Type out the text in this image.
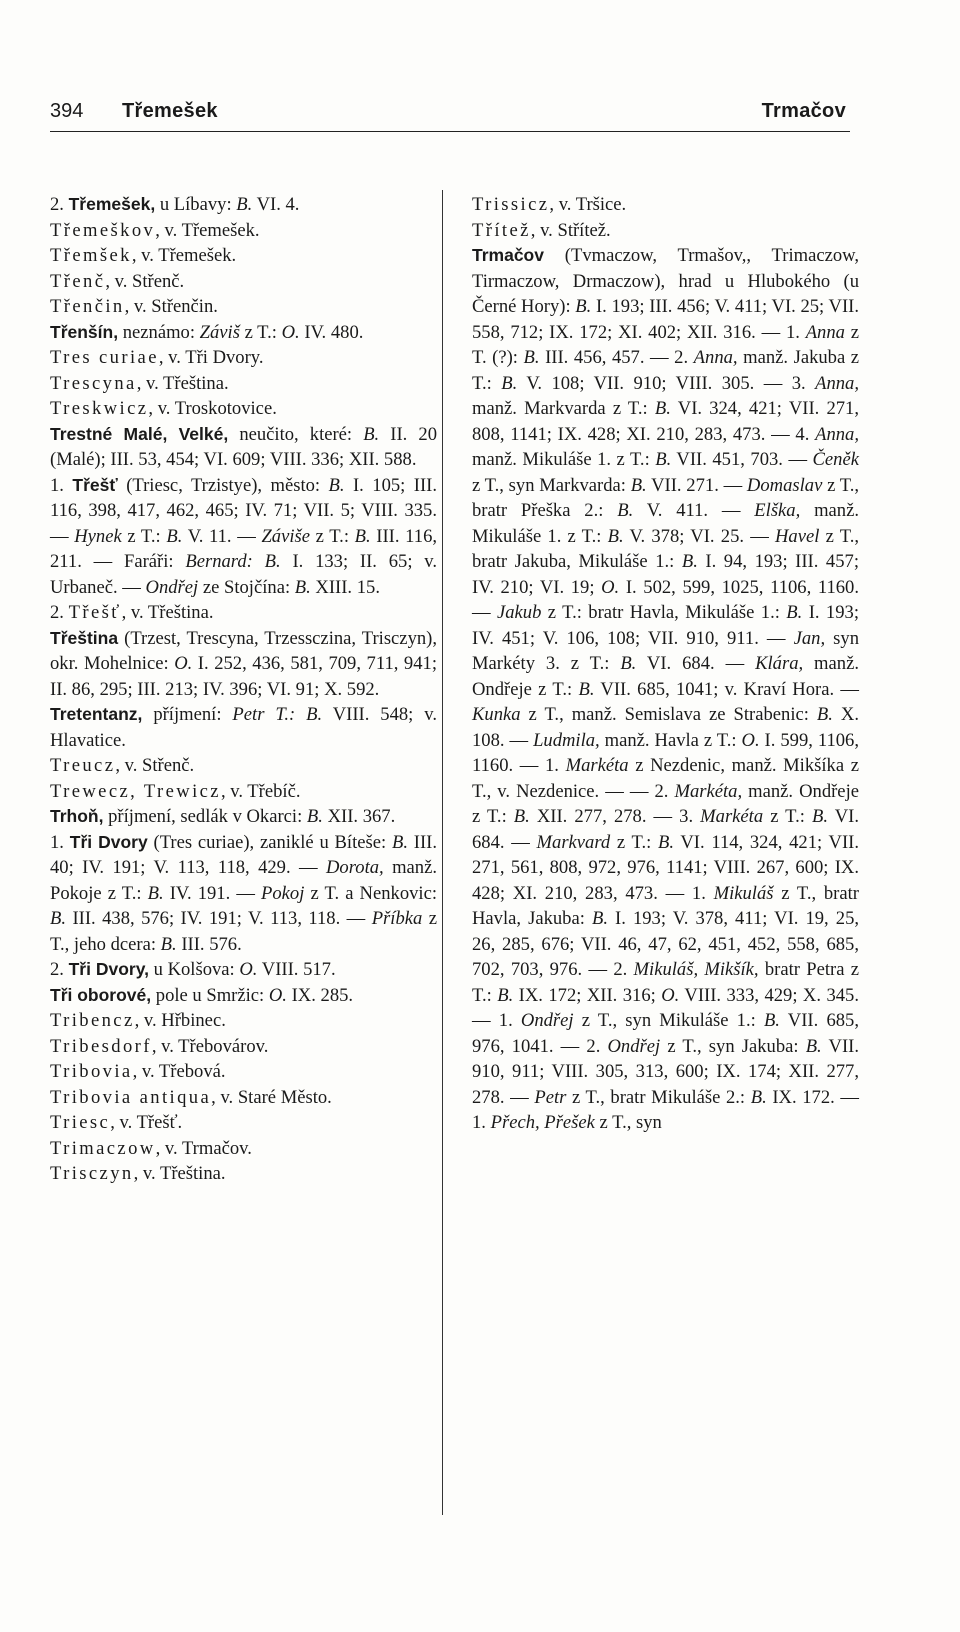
394 Třemešek	Trmačov

2. Třemešek, u Líbavy: B. VI. 4.

Třemeškov, v. Třemešek.

Třemšek, v. Třemešek.

Třenč, v. Střenč.

Třenčin, v. Střenčin.

Třenšín, neznámo: Záviš z T.: O. IV. 480.

Tres curiae, v. Tři Dvory.

Trescyna, v. Třeština.

Treskwicz, v. Troskotovice.

Trestné Malé, Velké, neučito, které: B. II. 20 (Malé); III. 53, 454; VI. 609; VIII. 336; XII. 588.

1. Třešť (Triesc, Trzistye), město: B. I. 105; III. 116, 398, 417, 462, 465; IV. 71; VII. 5; VIII. 335. — Hynek z T.: B. V. 11. — Záviše z T.: B. III. 116, 211. — Faráři: Bernard: B. I. 133; II. 65; v. Urbaneč. — Ondřej ze Stojčína: B. XIII. 15.

2. Třešť, v. Třeština.

Třeština (Trzest, Trescyna, Trzessczina, Trisczyn), okr. Mohelnice: O. I. 252, 436, 581, 709, 711, 941; II. 86, 295; III. 213; IV. 396; VI. 91; X. 592.

Tretentanz, příjmení: Petr T.: B. VIII. 548; v. Hlavatice.

Treucz, v. Střenč.

Trewecz, Trewicz, v. Třebíč.

Trhoň, příjmení, sedlák v Okarci: B. XII. 367.

1. Tři Dvory (Tres curiae), zaniklé u Bíteše: B. III. 40; IV. 191; V. 113, 118, 429. — Dorota, manž. Pokoje z T.: B. IV. 191. — Pokoj z T. a Nenkovic: B. III. 438, 576; IV. 191; V. 113, 118. — Příbka z T., jeho dcera: B. III. 576.

2. Tři Dvory, u Kolšova: O. VIII. 517.

Tři oborové, pole u Smržic: O. IX. 285.

Tribencz, v. Hřbinec.

Tribesdorf, v. Třebovárov.

Tribovia, v. Třebová.

Tribovia antiqua, v. Staré Město.

Triesc, v. Třešť.

Trimaczow, v. Trmačov.

Trisczyn, v. Třeština.

Trissicz, v. Tršice.

Třítež, v. Střítež.

Trmačov (Tvmaczow, Trmašov,, Trimaczow, Tirmaczow, Drmaczow), hrad u Hlubokého (u Černé Hory): B. I. 193; III. 456; V. 411; VI. 25; VII. 558, 712; IX. 172; XI. 402; XII. 316. — 1. Anna z T. (?): B. III. 456, 457. — 2. Anna, manž. Jakuba z T.: B. V. 108; VII. 910; VIII. 305. — 3. Anna, manž. Markvarda z T.: B. VI. 324, 421; VII. 271, 808, 1141; IX. 428; XI. 210, 283, 473. — 4. Anna, manž. Mikuláše 1. z T.: B. VII. 451, 703. — Čeněk z T., syn Markvarda: B. VII. 271. — Domaslav z T., bratr Přeška 2.: B. V. 411. — Elška, manž. Mikuláše 1. z T.: B. V. 378; VI. 25. — Havel z T., bratr Jakuba, Mikuláše 1.: B. I. 94, 193; III. 457; IV. 210; VI. 19; O. I. 502, 599, 1025, 1106, 1160. — Jakub z T.: bratr Havla, Mikuláše 1.: B. I. 193; IV. 451; V. 106, 108; VII. 910, 911. — Jan, syn Markéty 3. z T.: B. VI. 684. — Klára, manž. Ondřeje z T.: B. VII. 685, 1041; v. Kraví Hora. — Kunka z T., manž. Semislava ze Strabenic: B. X. 108. — Ludmila, manž. Havla z T.: O. I. 599, 1106, 1160. — 1. Markéta z Nezdenic, manž. Mikšíka z T., v. Nezdenice. — — 2. Markéta, manž. Ondřeje z T.: B. XII. 277, 278. — 3. Markéta z T.: B. VI. 684. — Markvard z T.: B. VI. 114, 324, 421; VII. 271, 561, 808, 972, 976, 1141; VIII. 267, 600; IX. 428; XI. 210, 283, 473. — 1. Mikuláš z T., bratr Havla, Jakuba: B. I. 193; V. 378, 411; VI. 19, 25, 26, 285, 676; VII. 46, 47, 62, 451, 452, 558, 685, 702, 703, 976. — 2. Mikuláš, Mikšík, bratr Petra z T.: B. IX. 172; XII. 316; O. VIII. 333, 429; X. 345. — 1. Ondřej z T., syn Mikuláše 1.: B. VII. 685, 976, 1041. — 2. Ondřej z T., syn Jakuba: B. VII. 910, 911; VIII. 305, 313, 600; IX. 174; XII. 277, 278. — Petr z T., bratr Mikuláše 2.: B. IX. 172. — 1. Přech, Přešek z T., syn
